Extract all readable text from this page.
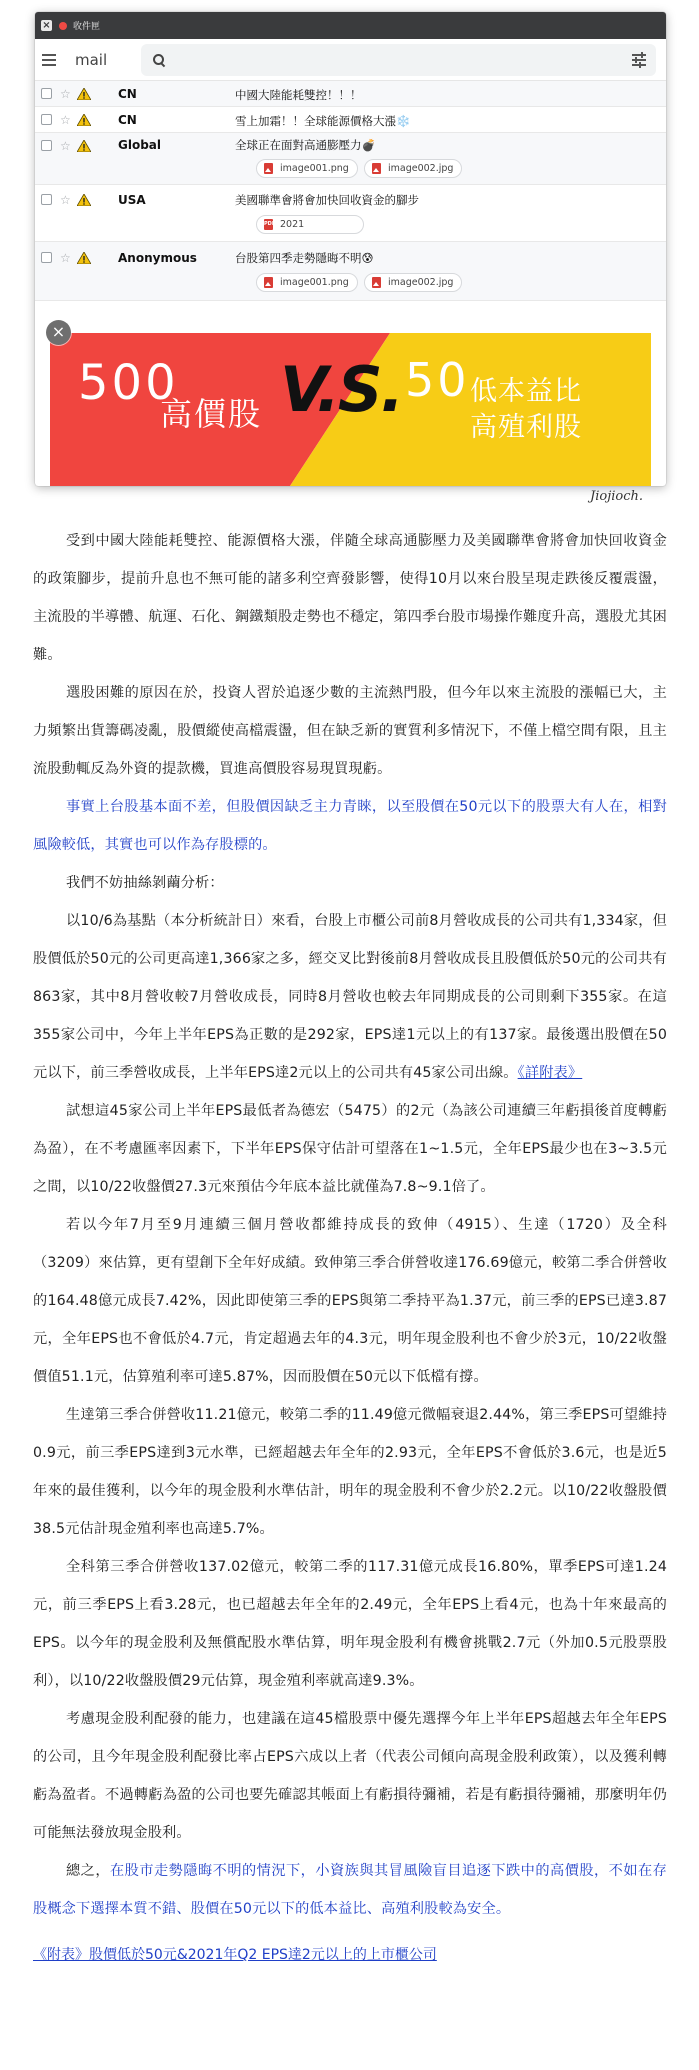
× 收件匣
mail
☆	CN	中國大陸能耗雙控！！！
☆	CN	雪上加霜！！全球能源價格大漲❄️
☆	Global	全球正在面對高通膨壓力💣
image001.png	image002.jpg
☆	USA	美國聯準會將會加快回收資金的腳步
PDF 2021
☆	Anonymous	台股第四季走勢隱晦不明😰
image001.png	image002.jpg
500
高價股 V.S. 50 低本益比
高殖利股
×
Jiojioch.

受到中國大陸能耗雙控、能源價格大漲，伴隨全球高通膨壓力及美國聯準會將會加快回收資金的政策腳步，提前升息也不無可能的諸多利空齊發影響，使得10月以來台股呈現走跌後反覆震盪，主流股的半導體、航運、石化、鋼鐵類股走勢也不穩定，第四季台股市場操作難度升高，選股尤其困難。

選股困難的原因在於，投資人習於追逐少數的主流熱門股，但今年以來主流股的漲幅已大，主力頻繁出貨籌碼凌亂，股價縱使高檔震盪，但在缺乏新的實質利多情況下，不僅上檔空間有限，且主流股動輒反為外資的提款機，買進高價股容易現買現虧。

事實上台股基本面不差，但股價因缺乏主力青睞，以至股價在50元以下的股票大有人在，相對風險較低，其實也可以作為存股標的。

我們不妨抽絲剝繭分析：

以10/6為基點（本分析統計日）來看，台股上市櫃公司前8月營收成長的公司共有1,334家，但股價低於50元的公司更高達1,366家之多，經交叉比對後前8月營收成長且股價低於50元的公司共有863家，其中8月營收較7月營收成長，同時8月營收也較去年同期成長的公司則剩下355家。在這355家公司中，今年上半年EPS為正數的是292家，EPS達1元以上的有137家。最後選出股價在50元以下，前三季營收成長，上半年EPS達2元以上的公司共有45家公司出線。《詳附表》

試想這45家公司上半年EPS最低者為德宏（5475）的2元（為該公司連續三年虧損後首度轉虧為盈），在不考慮匯率因素下，下半年EPS保守估計可望落在1~1.5元，全年EPS最少也在3~3.5元之間，以10/22收盤價27.3元來預估今年底本益比就僅為7.8~9.1倍了。

若以今年7月至9月連續三個月營收都維持成長的致伸（4915）、生達（1720）及全科（3209）來估算，更有望創下全年好成績。致伸第三季合併營收達176.69億元，較第二季合併營收的164.48億元成長7.42%，因此即使第三季的EPS與第二季持平為1.37元，前三季的EPS已達3.87元，全年EPS也不會低於4.7元，肯定超過去年的4.3元，明年現金股利也不會少於3元，10/22收盤價值51.1元，估算殖利率可達5.87%，因而股價在50元以下低檔有撐。

生達第三季合併營收11.21億元，較第二季的11.49億元微幅衰退2.44%，第三季EPS可望維持0.9元，前三季EPS達到3元水準，已經超越去年全年的2.93元，全年EPS不會低於3.6元，也是近5年來的最佳獲利，以今年的現金股利水準估計，明年的現金股利不會少於2.2元。以10/22收盤股價38.5元估計現金殖利率也高達5.7%。

全科第三季合併營收137.02億元，較第二季的117.31億元成長16.80%，單季EPS可達1.24元，前三季EPS上看3.28元，也已超越去年全年的2.49元，全年EPS上看4元，也為十年來最高的EPS。以今年的現金股利及無償配股水準估算，明年現金股利有機會挑戰2.7元（外加0.5元股票股利），以10/22收盤股價29元估算，現金殖利率就高達9.3%。

考慮現金股利配發的能力，也建議在這45檔股票中優先選擇今年上半年EPS超越去年全年EPS的公司，且今年現金股利配發比率占EPS六成以上者（代表公司傾向高現金股利政策），以及獲利轉虧為盈者。不過轉虧為盈的公司也要先確認其帳面上有虧損待彌補，若是有虧損待彌補，那麼明年仍可能無法發放現金股利。

總之，在股市走勢隱晦不明的情況下，小資族與其冒風險盲目追逐下跌中的高價股，不如在存股概念下選擇本質不錯、股價在50元以下的低本益比、高殖利股較為安全。

《附表》股價低於50元&2021年Q2 EPS達2元以上的上市櫃公司
